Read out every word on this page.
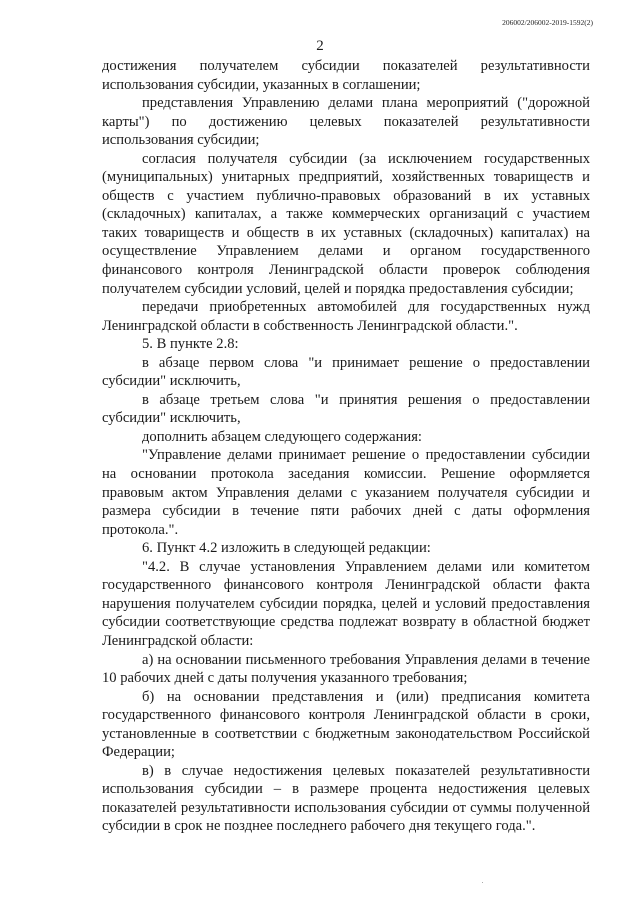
206002/206002-2019-1592(2)
2

достижения получателем субсидии показателей результативности использования субсидии, указанных в соглашении;

представления Управлению делами плана мероприятий ("дорожной карты") по достижению целевых показателей результативности использования субсидии;

согласия получателя субсидии (за исключением государственных (муниципальных) унитарных предприятий, хозяйственных товариществ и обществ с участием публично-правовых образований в их уставных (складочных) капиталах, а также коммерческих организаций с участием таких товариществ и обществ в их уставных (складочных) капиталах) на осуществление Управлением делами и органом государственного финансового контроля Ленинградской области проверок соблюдения получателем субсидии условий, целей и порядка предоставления субсидии;

передачи приобретенных автомобилей для государственных нужд Ленинградской области в собственность Ленинградской области.".

5. В пункте 2.8:

в абзаце первом слова "и принимает решение о предоставлении субсидии" исключить,

в абзаце третьем слова "и принятия решения о предоставлении субсидии" исключить,

дополнить абзацем следующего содержания:

"Управление делами принимает решение о предоставлении субсидии на основании протокола заседания комиссии. Решение оформляется правовым актом Управления делами с указанием получателя субсидии и размера субсидии в течение пяти рабочих дней с даты оформления протокола.".

6. Пункт 4.2 изложить в следующей редакции:

"4.2. В случае установления Управлением делами или комитетом государственного финансового контроля Ленинградской области факта нарушения получателем субсидии порядка, целей и условий предоставления субсидии соответствующие средства подлежат возврату в областной бюджет Ленинградской области:

а) на основании письменного требования Управления делами в течение 10 рабочих дней с даты получения указанного требования;

б) на основании представления и (или) предписания комитета государственного финансового контроля Ленинградской области в сроки, установленные в соответствии с бюджетным законодательством Российской Федерации;

в) в случае недостижения целевых показателей результативности использования субсидии – в размере процента недостижения целевых показателей результативности использования субсидии от суммы полученной субсидии в срок не позднее последнего рабочего дня текущего года.".
